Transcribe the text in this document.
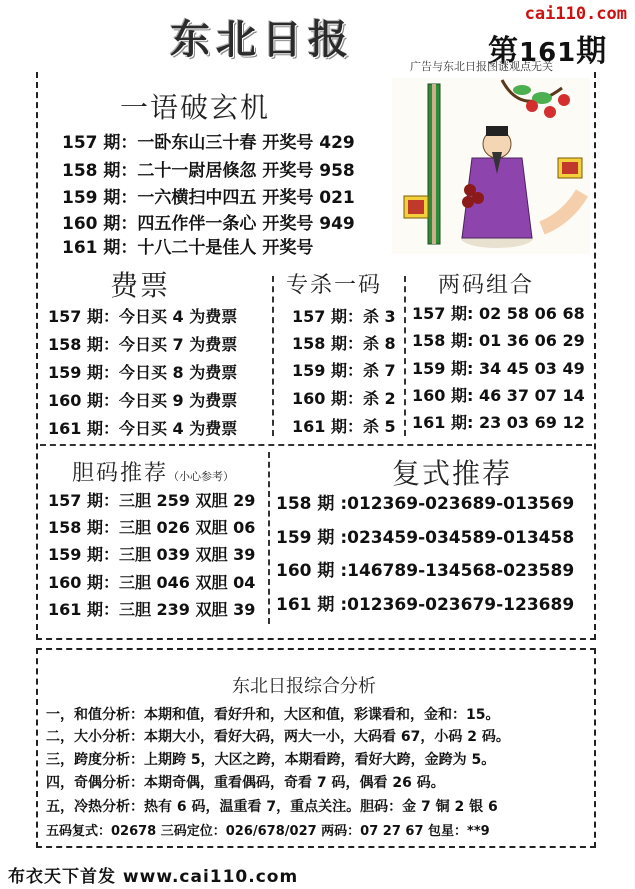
东北日报
cai110.com
第161期
广告与东北日报图谜观点无关
一语破玄机
157 期：一卧东山三十春 开奖号 429
158 期：二十一尉居倏忽 开奖号 958
159 期：一六横扫中四五 开奖号 021
160 期：四五作伴一条心 开奖号 949
161 期：十八二十是佳人 开奖号
费票
157 期：今日买 4 为费票
158 期：今日买 7 为费票
159 期：今日买 8 为费票
160 期：今日买 9 为费票
161 期：今日买 4 为费票
专杀一码
157 期：杀 3
158 期：杀 8
159 期：杀 7
160 期：杀 2
161 期：杀 5
两码组合
157 期: 02 58 06 68
158 期: 01 36 06 29
159 期: 34 45 03 49
160 期: 46 37 07 14
161 期: 23 03 69 12
胆码推荐（小心参考）
157 期：三胆 259 双胆 29
158 期：三胆 026 双胆 06
159 期：三胆 039 双胆 39
160 期：三胆 046 双胆 04
161 期：三胆 239 双胆 39
复式推荐
158 期 :012369-023689-013569
159 期 :023459-034589-013458
160 期 :146789-134568-023589
161 期 :012369-023679-123689
东北日报综合分析
一，和值分析：本期和值，看好升和，大区和值，彩谍看和，金和：15。
二，大小分析：本期大小，看好大码，两大一小，大码看 67，小码 2 码。
三，跨度分析：上期跨 5，大区之跨，本期看跨，看好大跨，金跨为 5。
四，奇偶分析：本期奇偶，重看偶码，奇看 7 码，偶看 26 码。
五，冷热分析：热有 6 码，温重看 7，重点关注。胆码：金 7 铜 2 银 6
五码复式：02678 三码定位：026/678/027 两码：07 27 67 包星：**9
布衣天下首发 www.cai110.com
